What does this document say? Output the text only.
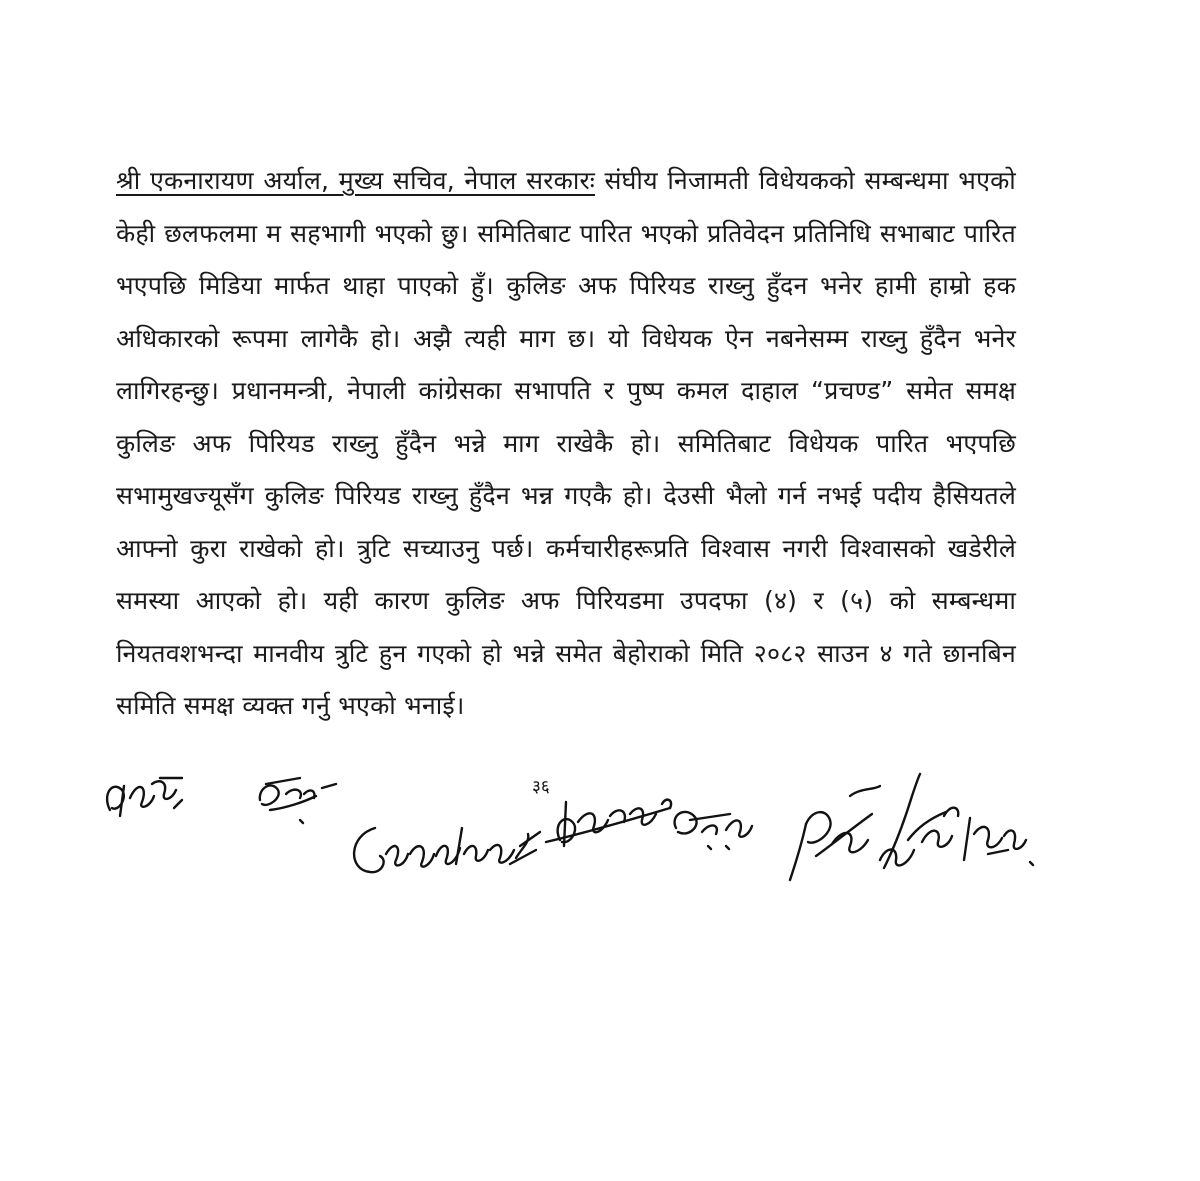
श्री एकनारायण अर्याल, मुख्य सचिव, नेपाल सरकार संघीय निजामती विधेयकको सम्बन्धमा भएको केही छलफलमा म सहभागी भएको छु। समितिबाट पारित भएको प्रतिवेदन प्रतिनिधि सभाबाट पारित भएपछि मिडिया मार्फत थाहा पाएको हुँ। कुलिङ अफ पिरियड राख्नु हुँदन भनेर हामी हाम्रो हक अधिकारको रूपमा लागेकै हो। अझै त्यही माग छ। यो विधेयक ऐन नबनेसम्म राख्नु हुँदैन भनेर लागिरहन्छु। प्रधानमन्त्री, नेपाली कांग्रेसका सभापति र पुष्प कमल दाहाल “प्रचण्ड” समेत समक्ष कुलिङ अफ पिरियड राख्नु हुँदैन भन्ने माग राखेकै हो। समितिबाट विधेयक पारित भएपछि सभामुखज्यूसँग कुलिङ पिरियड राख्नु हुँदैन भन्न गएकै हो। देउसी भैलो गर्न नभई पदीय हैसियतले आफ्नो कुरा राखेको हो। त्रुटि सच्याउनु पर्छ। कर्मचारीहरूप्रति विश्वास नगरी विश्वासको खडेरीले समस्या आएको हो। यही कारण कुलिङ अफ पिरियडमा उपदफा (४) र (५) को सम्बन्धमा नियतवशभन्दा मानवीय त्रुटि हुन गएको हो भन्ने समेत बेहोराको मिति २०८२ साउन ४ गते छानबिन समिति समक्ष व्यक्त गर्नु भएको भनाई।

३६
